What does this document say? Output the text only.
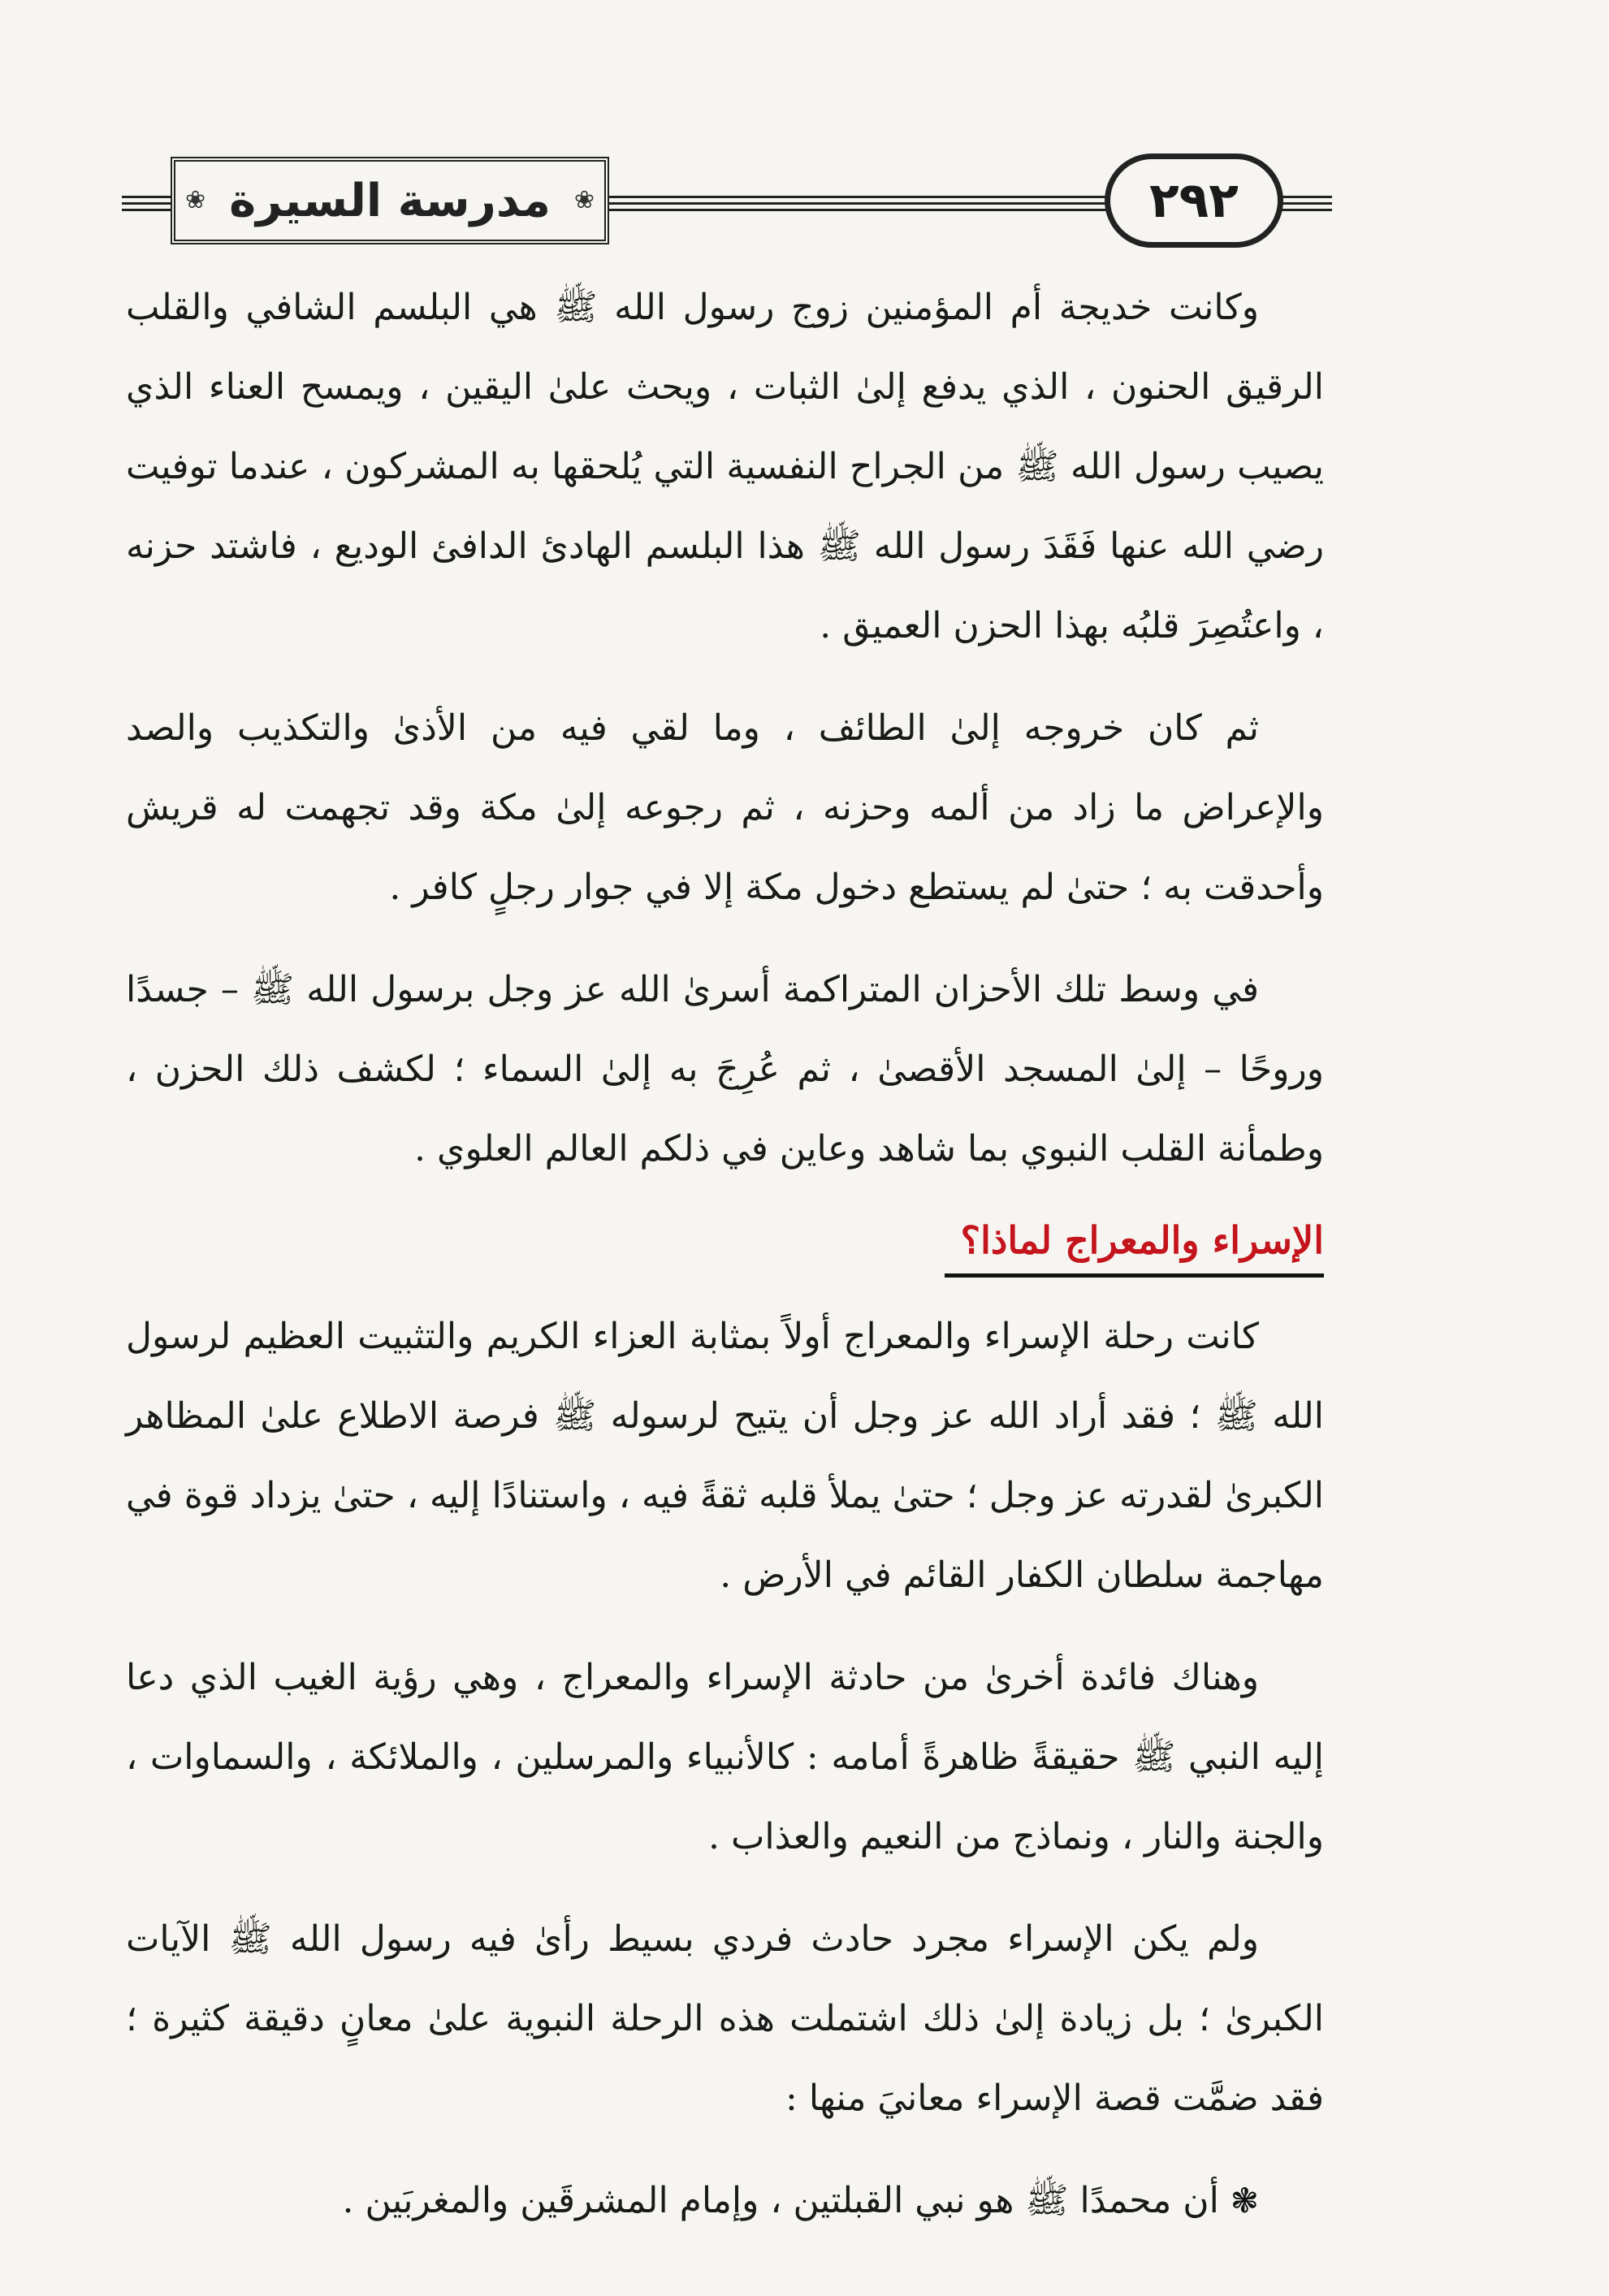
❀ مدرسة السيرة
❀	٢٩٢

وكانت خديجة أم المؤمنين زوج رسول الله ﷺ هي البلسم الشافي والقلب الرقيق الحنون ، الذي يدفع إلىٰ الثبات ، ويحث علىٰ اليقين ، ويمسح العناء الذي يصيب رسول الله ﷺ من الجراح النفسية التي يُلحقها به المشركون ، عندما توفيت رضي الله عنها فَقَدَ رسول الله ﷺ هذا البلسم الهادئ الدافئ الوديع ، فاشتد حزنه ، واعتُصِرَ قلبُه بهذا الحزن العميق .

ثم كان خروجه إلىٰ الطائف ، وما لقي فيه من الأذىٰ والتكذيب والصد والإعراض ما زاد من ألمه وحزنه ، ثم رجوعه إلىٰ مكة وقد تجهمت له قريش وأحدقت به ؛ حتىٰ لم يستطع دخول مكة إلا في جوار رجلٍ كافر .

في وسط تلك الأحزان المتراكمة أسرىٰ الله عز وجل برسول الله ﷺ – جسدًا وروحًا – إلىٰ المسجد الأقصىٰ ، ثم عُرِجَ به إلىٰ السماء ؛ لكشف ذلك الحزن ، وطمأنة القلب النبوي بما شاهد وعاين في ذلكم العالم العلوي .

الإسراء والمعراج لماذا؟

كانت رحلة الإسراء والمعراج أولاً بمثابة العزاء الكريم والتثبيت العظيم لرسول الله ﷺ ؛ فقد أراد الله عز وجل أن يتيح لرسوله ﷺ فرصة الاطلاع علىٰ المظاهر الكبرىٰ لقدرته عز وجل ؛ حتىٰ يملأ قلبه ثقةً فيه ، واستنادًا إليه ، حتىٰ يزداد قوة في مهاجمة سلطان الكفار القائم في الأرض .

وهناك فائدة أخرىٰ من حادثة الإسراء والمعراج ، وهي رؤية الغيب الذي دعا إليه النبي ﷺ حقيقةً ظاهرةً أمامه : كالأنبياء والمرسلين ، والملائكة ، والسماوات ، والجنة والنار ، ونماذج من النعيم والعذاب .

ولم يكن الإسراء مجرد حادث فردي بسيط رأىٰ فيه رسول الله ﷺ الآيات الكبرىٰ ؛ بل زيادة إلىٰ ذلك اشتملت هذه الرحلة النبوية علىٰ معانٍ دقيقة كثيرة ؛ فقد ضمَّت قصة الإسراء معانيَ منها :

❃ أن محمدًا ﷺ هو نبي القبلتين ، وإمام المشرقَين والمغربَين .
